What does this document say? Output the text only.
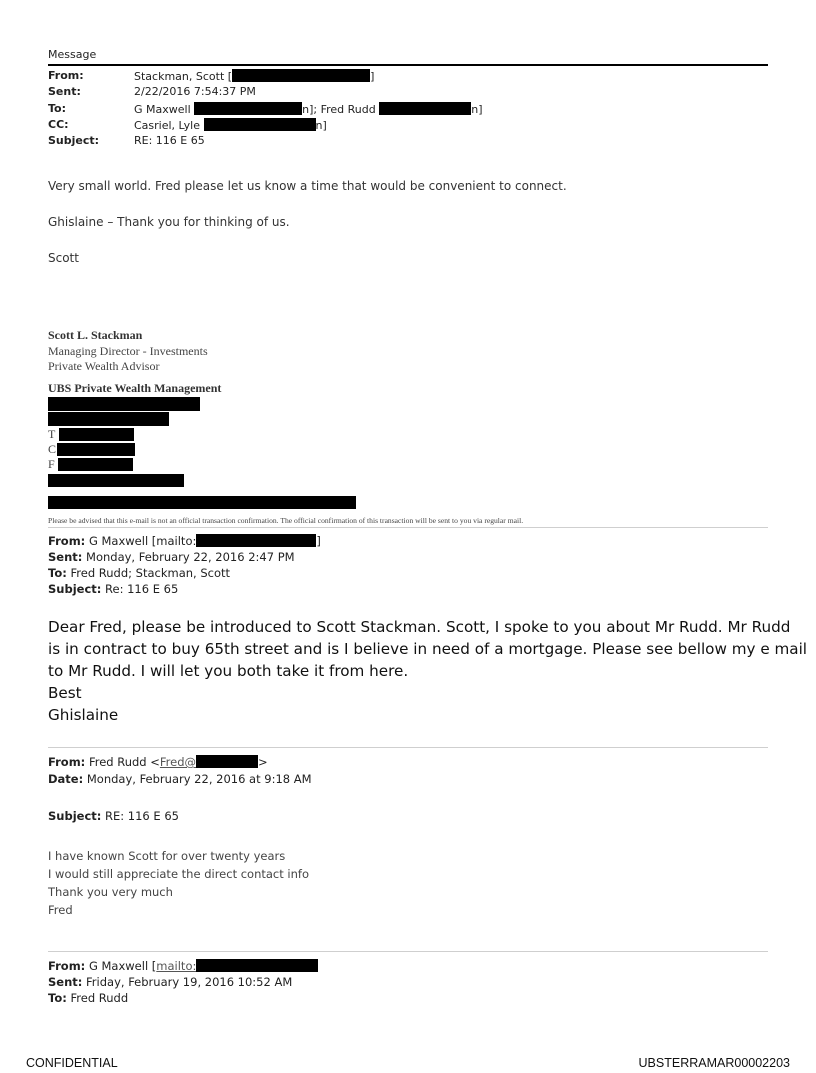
Message
From:	Stackman, Scott [	]
Sent:	2/22/2016 7:54:37 PM
To:	G Maxwell	n]; Fred Rudd	n]
CC:	Casriel, Lyle	n]
Subject:	RE: 116 E 65
Very small world. Fred please let us know a time that would be convenient to connect.
Ghislaine – Thank you for thinking of us.
Scott
Scott L. Stackman
Managing Director - Investments
Private Wealth Advisor
UBS Private Wealth Management
T
C
F
Please be advised that this e-mail is not an official transaction confirmation. The official confirmation of this transaction will be sent to you via regular mail.
From: G Maxwell [mailto:	]
Sent: Monday, February 22, 2016 2:47 PM
To: Fred Rudd; Stackman, Scott
Subject: Re: 116 E 65
Dear Fred, please be introduced to Scott Stackman. Scott, I spoke to you about Mr Rudd. Mr Rudd
is in contract to buy 65th street and is I believe in need of a mortgage. Please see bellow my e mail
to Mr Rudd. I will let you both take it from here.
Best
Ghislaine
From: Fred Rudd <Fred@	>
Date: Monday, February 22, 2016 at 9:18 AM
Subject: RE: 116 E 65
I have known Scott for over twenty years
I would still appreciate the direct contact info
Thank you very much
Fred
From: G Maxwell [mailto:
Sent: Friday, February 19, 2016 10:52 AM
To: Fred Rudd
CONFIDENTIAL	UBSTERRAMAR00002203
